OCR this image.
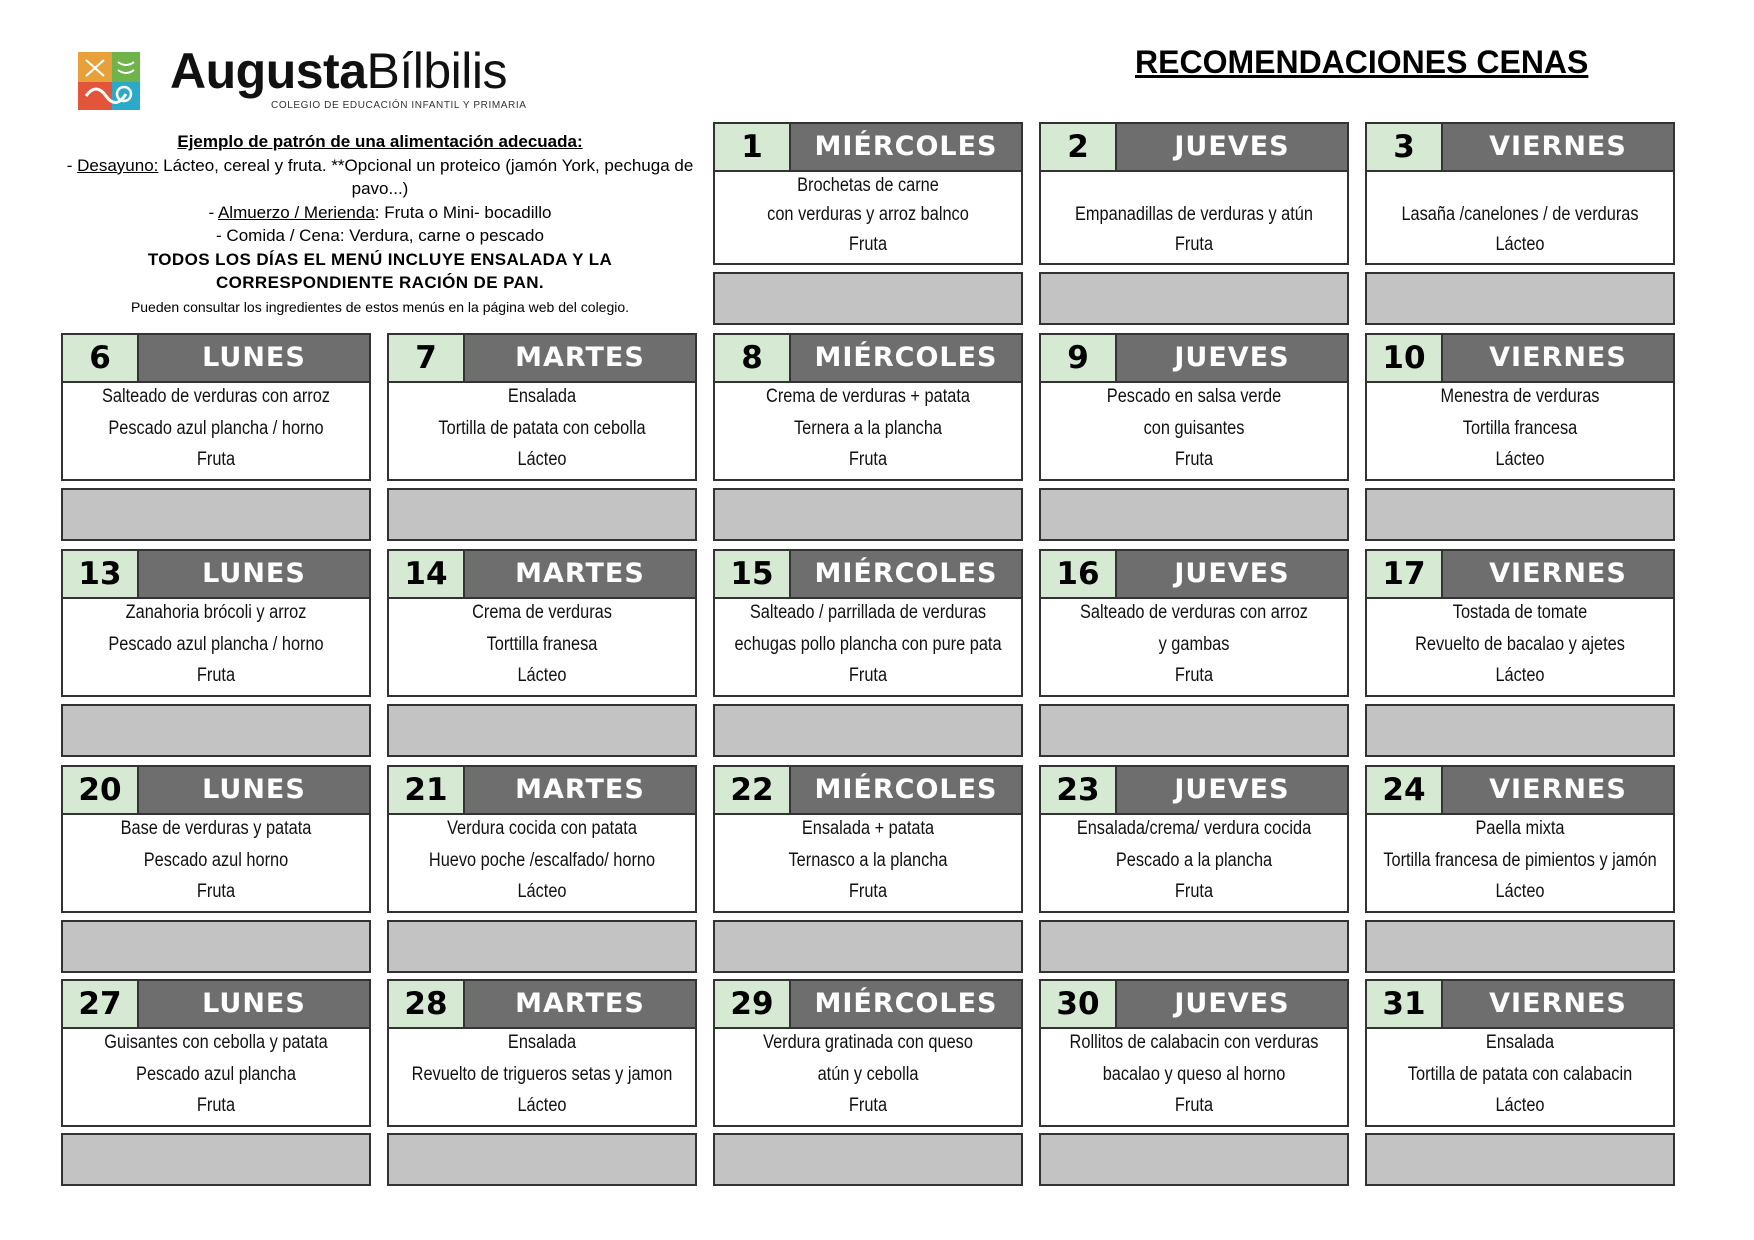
AugustaBílbilis
COLEGIO DE EDUCACIÓN INFANTIL Y PRIMARIA
RECOMENDACIONES CENAS
Ejemplo de patrón de una alimentación adecuada:
- Desayuno: Lácteo, cereal y fruta. **Opcional un proteico (jamón York, pechuga de pavo...)
- Almuerzo / Merienda: Fruta o Mini- bocadillo
- Comida / Cena: Verdura, carne o pescado
TODOS LOS DÍAS EL MENÚ INCLUYE ENSALADA Y LA CORRESPONDIENTE RACIÓN DE PAN.
Pueden consultar los ingredientes de estos menús en la página web del colegio.
1	MIÉRCOLES
Brochetas de carne
con verduras y arroz balnco
Fruta
2	JUEVES
Empanadillas de verduras y atún
Fruta
3	VIERNES
Lasaña /canelones / de verduras
Lácteo
6	LUNES
Salteado de verduras con arroz
Pescado azul plancha / horno
Fruta
7	MARTES
Ensalada
Tortilla de patata con cebolla
Lácteo
8	MIÉRCOLES
Crema de verduras + patata
Ternera a la plancha
Fruta
9	JUEVES
Pescado en salsa verde
con guisantes
Fruta
10	VIERNES
Menestra de verduras
Tortilla francesa
Lácteo
13	LUNES
Zanahoria brócoli y arroz
Pescado azul plancha / horno
Fruta
14	MARTES
Crema de verduras
Torttilla franesa
Lácteo
15	MIÉRCOLES
Salteado / parrillada de verduras
echugas pollo plancha con pure pata
Fruta
16	JUEVES
Salteado de verduras con arroz
y gambas
Fruta
17	VIERNES
Tostada de tomate
Revuelto de bacalao y ajetes
Lácteo
20	LUNES
Base de verduras y patata
Pescado azul horno
Fruta
21	MARTES
Verdura cocida con patata
Huevo poche /escalfado/ horno
Lácteo
22	MIÉRCOLES
Ensalada + patata
Ternasco a la plancha
Fruta
23	JUEVES
Ensalada/crema/ verdura cocida
Pescado a la plancha
Fruta
24	VIERNES
Paella mixta
Tortilla francesa de pimientos y jamón
Lácteo
27	LUNES
Guisantes con cebolla y patata
Pescado azul plancha
Fruta
28	MARTES
Ensalada
Revuelto de trigueros setas y jamon
Lácteo
29	MIÉRCOLES
Verdura gratinada con queso
atún y cebolla
Fruta
30	JUEVES
Rollitos de calabacin con verduras
bacalao y queso al horno
Fruta
31	VIERNES
Ensalada
Tortilla de patata con calabacin
Lácteo
